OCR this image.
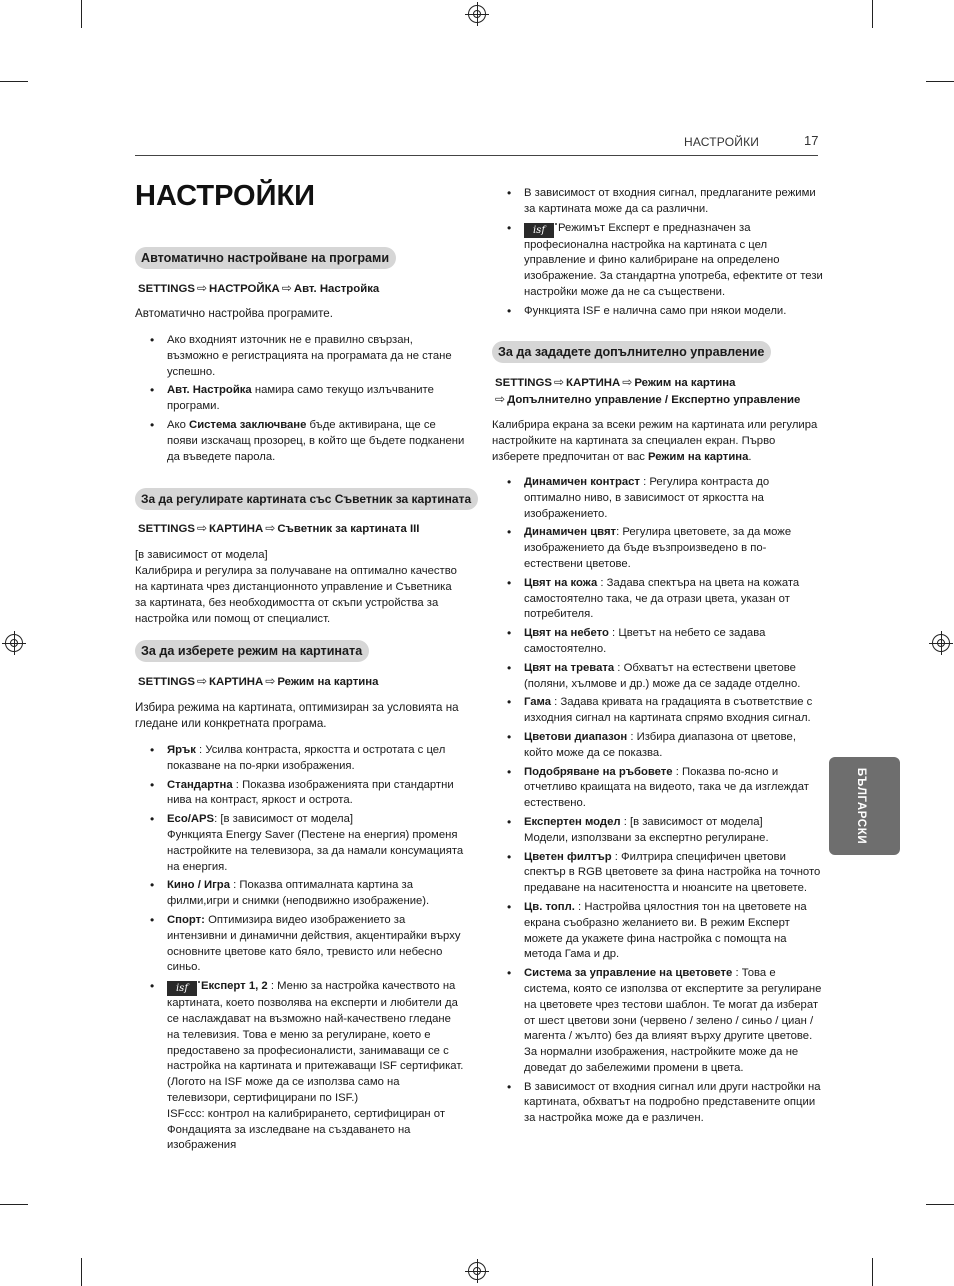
НАСТРОЙКИ	17
НАСТРОЙКИ
Автоматично настройване на програми
SETTINGS ⇨ НАСТРОЙКА ⇨ Авт. Настройка
Автоматично настройва програмите.
• Ако входният източник не е правилно свързан, възможно е регистрацията на програмата да не стане успешно.
• Авт. Настройка намира само текущо излъчваните програми.
• Ако Система заключване бъде активирана, ще се появи изскачащ прозорец, в който ще бъдете подканени да въведете парола.
За да регулирате картината със Съветник за картината
SETTINGS ⇨ КАРТИНА ⇨ Съветник за картината III
[в зависимост от модела]
Калибрира и регулира за получаване на оптимално качество на картината чрез дистанционното управление и Съветника за картината, без необходимостта от скъпи устройства за настройка или помощ от специалист.
За да изберете режим на картината
SETTINGS ⇨ КАРТИНА ⇨ Режим на картина
Избира режима на картината, оптимизиран за условията на гледане или конкретната програма.
• Ярък : Усилва контраста, яркостта и остротата с цел показване на по-ярки изображения.
• Стандартна : Показва изображенията при стандартни нива на контраст, яркост и острота.
• Eco/APS: [в зависимост от модела]
Функцията Energy Saver (Пестене на енергия) променя настройките на телевизора, за да намали консумацията на енергия.
• Кино / Игра : Показва оптималната картина за филми,игри и снимки (неподвижно изображение).
• Спорт: Оптимизира видео изображението за интензивни и динамични действия, акцентирайки върху основните цветове като бяло, тревисто или небесно синьо.
• isf Експерт 1, 2 : Меню за настройка качеството на картината, което позволява на експерти и любители да се наслаждават на възможно най-качествено гледане на телевизия. Това е меню за регулиране, което е предоставено за професионалисти, занимаващи се с настройка на картината и притежаващи ISF сертификат. (Логото на ISF може да се използва само на телевизори, сертифицирани по ISF.)
ISFccc: контрол на калибрирането, сертифициран от Фондацията за изследване на създаването на изображения
• В зависимост от входния сигнал, предлаганите режими за картината може да са различни.
• isf Режимът Експерт е предназначен за професионална настройка на картината с цел управление и фино калибриране на определено изображение. За стандартна употреба, ефектите от тези настройки може да не са съществени.
• Функцията ISF е налична само при някои модели.
За да зададете допълнително управление
SETTINGS ⇨ КАРТИНА ⇨ Режим на картина
⇨ Допълнително управление / Експертно управление
Калибрира екрана за всеки режим на картината или регулира настройките на картината за специален екран. Първо изберете предпочитан от вас Режим на картина.
• Динамичен контраст : Регулира контраста до оптимално ниво, в зависимост от яркостта на изображението.
• Динамичен цвят: Регулира цветовете, за да може изображението да бъде възпроизведено в по-естествени цветове.
• Цвят на кожа : Задава спектъра на цвета на кожата самостоятелно така, че да отрази цвета, указан от потребителя.
• Цвят на небето : Цветът на небето се задава самостоятелно.
• Цвят на тревата : Обхватът на естествени цветове (поляни, хълмове и др.) може да се зададе отделно.
• Гама : Задава кривата на градацията в съответствие с изходния сигнал на картината спрямо входния сигнал.
• Цветови диапазон : Избира диапазона от цветове, който може да се показва.
• Подобряване на ръбовете : Показва по-ясно и отчетливо краищата на видеото, така че да изглеждат естествено.
• Експертен модел : [в зависимост от модела]
Модели, използвани за експертно регулиране.
• Цветен филтър : Филтрира специфичен цветови спектър в RGB цветовете за фина настройка на точното предаване на наситеността и нюансите на цветовете.
• Цв. топл. : Настройва цялостния тон на цветовете на екрана съобразно желанието ви. В режим Експерт можете да укажете фина настройка с помощта на метода Гама и др.
• Система за управление на цветовете : Това е система, която се използва от експертите за регулиране на цветовете чрез тестови шаблон. Те могат да изберат от шест цветови зони (червено / зелено / синьо / циан / магента / жълто) без да влияят върху другите цветове. За нормални изображения, настройките може да не доведат до забележими промени в цвета.
• В зависимост от входния сигнал или други настройки на картината, обхватът на подробно представените опции за настройка може да е различен.
БЪЛГАРСКИ
